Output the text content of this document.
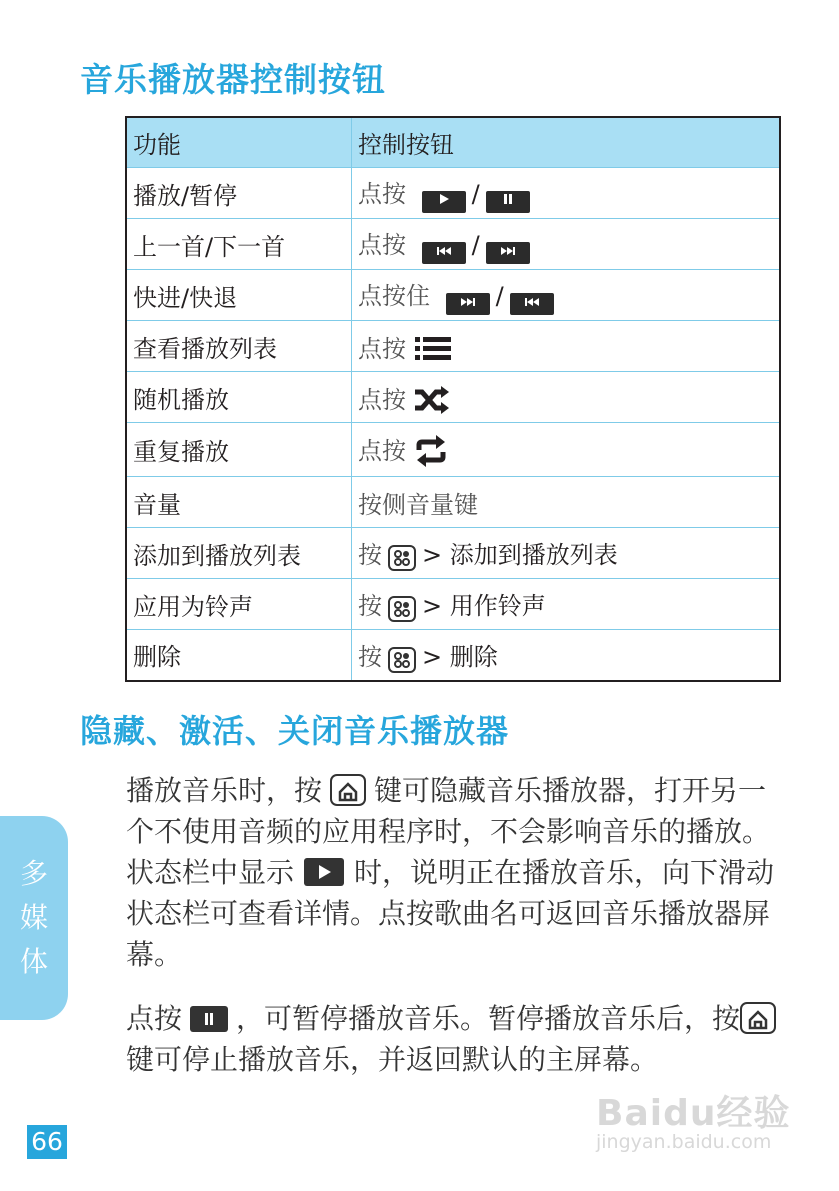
音乐播放器控制按钮
功能	控制按钮
播放/暂停	点按 /
上一首/下一首	点按 /
快进/快退	点按住 /
查看播放列表	点按
随机播放	点按
重复播放	点按
音量	按侧音量键
添加到播放列表	按 > 添加到播放列表
应用为铃声	按 > 用作铃声
删除	按 > 删除
隐藏、激活、关闭音乐播放器
播放音乐时，按 键可隐藏音乐播放器，打开另一个不使用音频的应用程序时，不会影响音乐的播放。状态栏中显示 时，说明正在播放音乐，向下滑动状态栏可查看详情。点按歌曲名可返回音乐播放器屏幕。
点按 ，可暂停播放音乐。暂停播放音乐后，按键可停止播放音乐，并返回默认的主屏幕。
多
媒
体
66
Baidu经验
jingyan.baidu.com
